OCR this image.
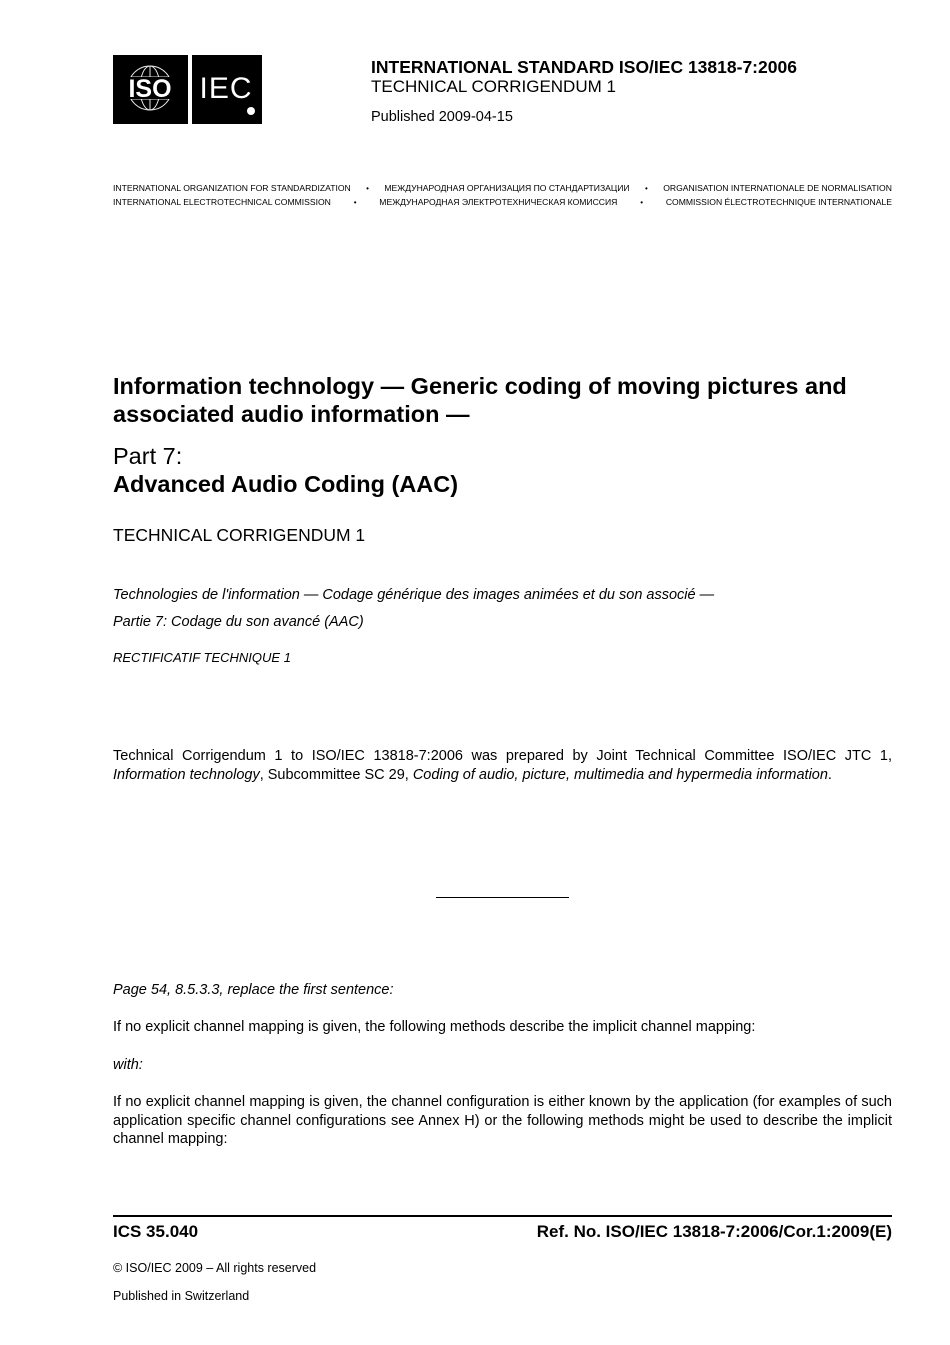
ISO IEC
INTERNATIONAL STANDARD ISO/IEC 13818-7:2006
TECHNICAL CORRIGENDUM 1
Published 2009-04-15
INTERNATIONAL ORGANIZATION FOR STANDARDIZATION • МЕЖДУНАРОДНАЯ ОРГАНИЗАЦИЯ ПО СТАНДАРТИЗАЦИИ • ORGANISATION INTERNATIONALE DE NORMALISATION
INTERNATIONAL ELECTROTECHNICAL COMMISSION	•	МЕЖДУНАРОДНАЯ ЭЛЕКТРОТЕХНИЧЕСКАЯ КОМИССИЯ	•	COMMISSION ÉLECTROTECHNIQUE INTERNATIONALE
Information technology — Generic coding of moving pictures and associated audio information —
Part 7:
Advanced Audio Coding (AAC)
TECHNICAL CORRIGENDUM 1
Technologies de l'information — Codage générique des images animées et du son associé —
Partie 7: Codage du son avancé (AAC)
RECTIFICATIF TECHNIQUE 1
Technical Corrigendum 1 to ISO/IEC 13818-7:2006 was prepared by Joint Technical Committee ISO/IEC JTC 1, Information technology, Subcommittee SC 29, Coding of audio, picture, multimedia and hypermedia information.
Page 54, 8.5.3.3, replace the first sentence:
If no explicit channel mapping is given, the following methods describe the implicit channel mapping:
with:
If no explicit channel mapping is given, the channel configuration is either known by the application (for examples of such application specific channel configurations see Annex H) or the following methods might be used to describe the implicit channel mapping:
ICS 35.040	Ref. No. ISO/IEC 13818-7:2006/Cor.1:2009(E)
© ISO/IEC 2009 – All rights reserved
Published in Switzerland
